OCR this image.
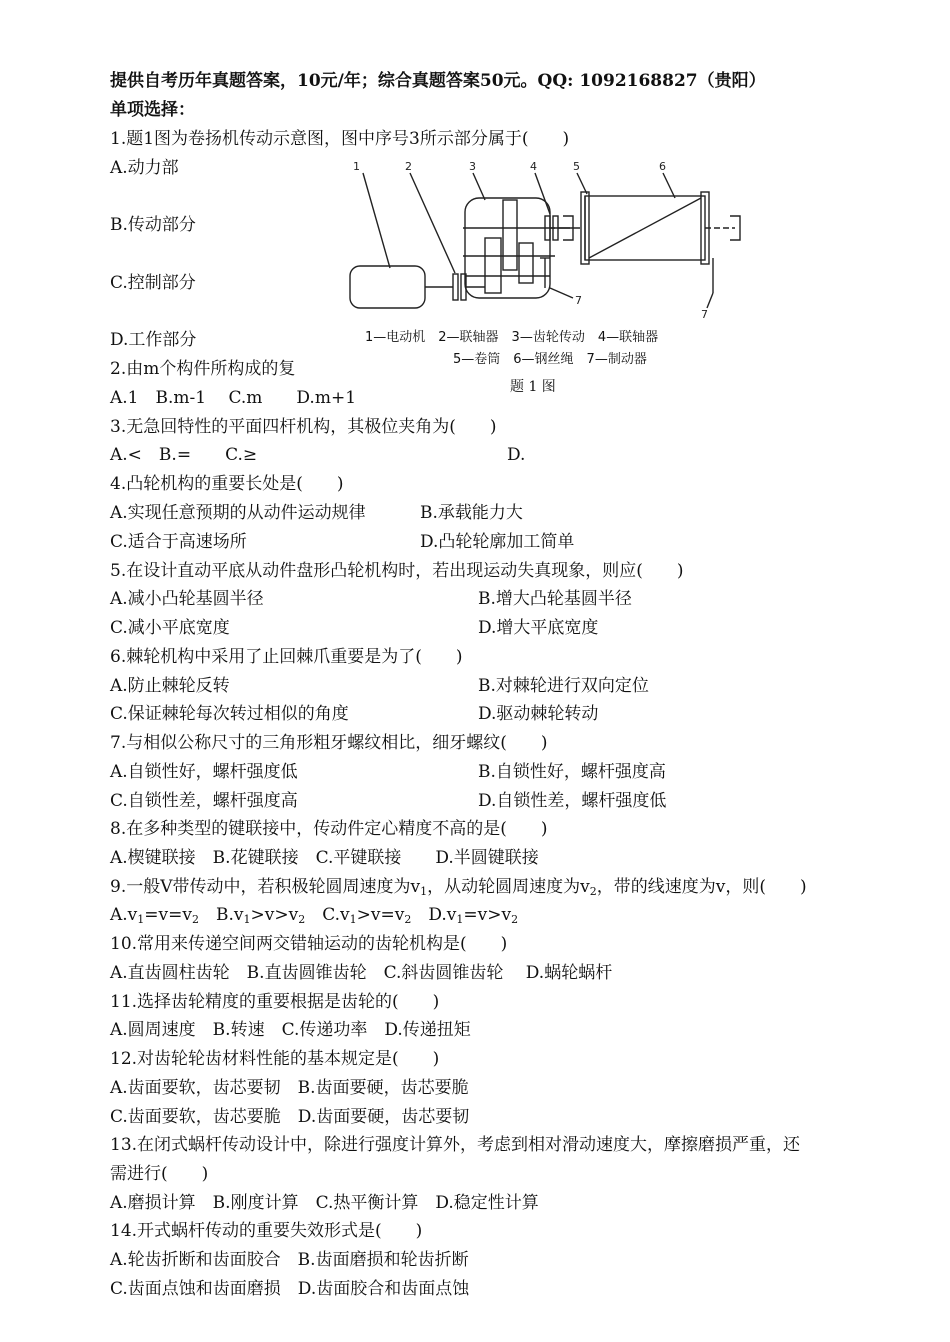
提供自考历年真题答案，10元/年；综合真题答案50元。QQ: 1092168827（贵阳）
单项选择：
1.题1图为卷扬机传动示意图，图中序号3所示部分属于(　　)
A.动力部
B.传动部分
C.控制部分
D.工作部分
1	2	3	4	5	6
7
7
1—电动机　2—联轴器　3—齿轮传动　4—联轴器
5—卷筒　6—钢丝绳　7—制动器
题 1 图
2.由m个构件所构成的复
A.1　B.m-1　 C.m　　D.m+1
3.无急回特性的平面四杆机构，其极位夹角为(　　)
A.<　B.=　　C.≥	D.
4.凸轮机构的重要长处是(　　)
A.实现任意预期的从动件运动规律	B.承载能力大
C.适合于高速场所	D.凸轮轮廓加工简单
5.在设计直动平底从动件盘形凸轮机构时，若出现运动失真现象，则应(　　)
A.减小凸轮基圆半径	B.增大凸轮基圆半径
C.减小平底宽度	D.增大平底宽度
6.棘轮机构中采用了止回棘爪重要是为了(　　)
A.防止棘轮反转	B.对棘轮进行双向定位
C.保证棘轮每次转过相似的角度	D.驱动棘轮转动
7.与相似公称尺寸的三角形粗牙螺纹相比，细牙螺纹(　　)
A.自锁性好，螺杆强度低	B.自锁性好，螺杆强度高
C.自锁性差，螺杆强度高	D.自锁性差，螺杆强度低
8.在多种类型的键联接中，传动件定心精度不高的是(　　)
A.楔键联接　B.花键联接　C.平键联接　　D.半圆键联接
9.一般V带传动中，若积极轮圆周速度为$v_1$，从动轮圆周速度为$v_2$，带的线速度为v，则(　　)
$A.v_1=v=v_2$　$B.v_1>v>v_2$　$C.v_1>v=v_2$　$D.v_1=v>v_2$
10.常用来传递空间两交错轴运动的齿轮机构是(　　)
A.直齿圆柱齿轮　B.直齿圆锥齿轮　C.斜齿圆锥齿轮　 D.蜗轮蜗杆
11.选择齿轮精度的重要根据是齿轮的(　　)
A.圆周速度　B.转速　C.传递功率　D.传递扭矩
12.对齿轮轮齿材料性能的基本规定是(　　)
A.齿面要软，齿芯要韧　B.齿面要硬，齿芯要脆
C.齿面要软，齿芯要脆　D.齿面要硬，齿芯要韧
13.在闭式蜗杆传动设计中，除进行强度计算外，考虑到相对滑动速度大，摩擦磨损严重，还
需进行(　　)
A.磨损计算　B.刚度计算　C.热平衡计算　D.稳定性计算
14.开式蜗杆传动的重要失效形式是(　　)
A.轮齿折断和齿面胶合　B.齿面磨损和轮齿折断
C.齿面点蚀和齿面磨损　D.齿面胶合和齿面点蚀
